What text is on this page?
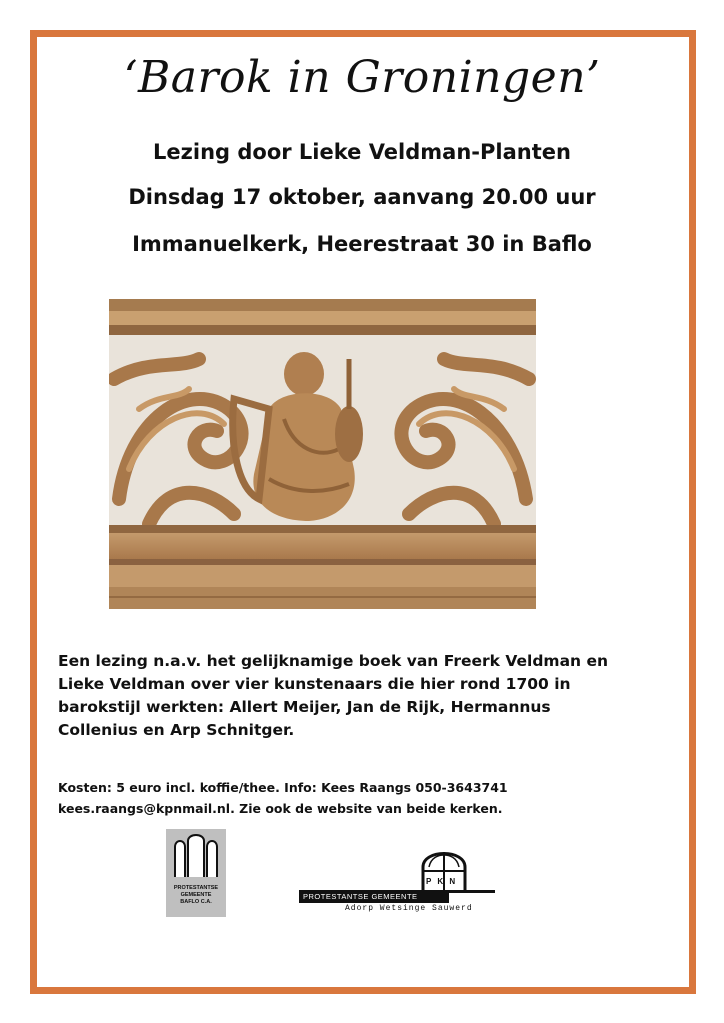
‘Barok in Groningen’
Lezing door Lieke Veldman-Planten
Dinsdag 17 oktober, aanvang 20.00 uur
Immanuelkerk, Heerestraat 30 in Baflo
Een lezing n.a.v. het gelijknamige boek van Freerk Veldman en Lieke Veldman over vier kunstenaars die hier rond 1700 in barokstijl werkten: Allert Meijer, Jan de Rijk, Hermannus Collenius en Arp Schnitger.
Kosten: 5 euro incl. koffie/thee. Info: Kees Raangs 050-3643741
kees.raangs@kpnmail.nl. Zie ook de website van beide kerken.
PROTESTANTSE
GEMEENTE
BAFLO C.A.
P K N
PROTESTANTSE GEMEENTE
Adorp Wetsinge Sauwerd
